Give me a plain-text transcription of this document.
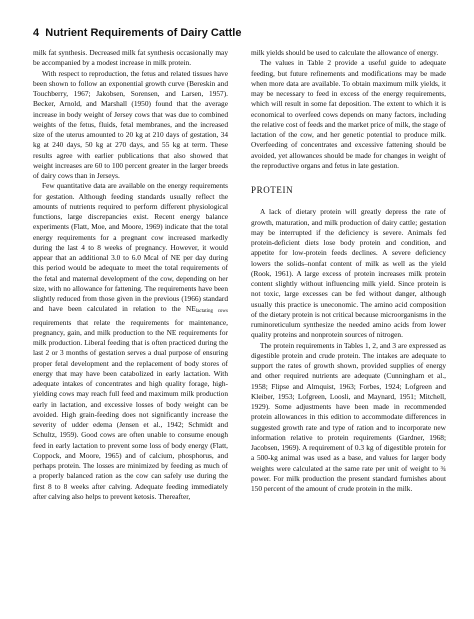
4 Nutrient Requirements of Dairy Cattle

milk fat synthesis. Decreased milk fat synthesis occasionally may be accompanied by a modest increase in milk protein.

With respect to reproduction, the fetus and related tissues have been shown to follow an exponential growth curve (Bereskin and Touchberry, 1967; Jakobsen, Sorensen, and Larsen, 1957). Becker, Arnold, and Marshall (1950) found that the average increase in body weight of Jersey cows that was due to combined weights of the fetus, fluids, fetal membranes, and the increased size of the uterus amounted to 20 kg at 210 days of gestation, 34 kg at 240 days, 50 kg at 270 days, and 55 kg at term. These results agree with earlier publications that also showed that weight increases are 60 to 100 percent greater in the larger breeds of dairy cows than in Jerseys.

Few quantitative data are available on the energy requirements for gestation. Although feeding standards usually reflect the amounts of nutrients required to perform different physiological functions, large discrepancies exist. Recent energy balance experiments (Flatt, Moe, and Moore, 1969) indicate that the total energy requirements for a pregnant cow increased markedly during the last 4 to 8 weeks of pregnancy. However, it would appear that an additional 3.0 to 6.0 Mcal of NE per day during this period would be adequate to meet the total requirements of the fetal and maternal development of the cow, depending on her size, with no allowance for fattening. The requirements have been slightly reduced from those given in the previous (1966) standard and have been calculated in relation to the $NE_{lactating cows}$ requirements that relate the requirements for maintenance, pregnancy, gain, and milk production to the NE requirements for milk production. Liberal feeding that is often practiced during the last 2 or 3 months of gestation serves a dual purpose of ensuring proper fetal development and the replacement of body stores of energy that may have been catabolized in early lactation. With adequate intakes of concentrates and high quality forage, high-yielding cows may reach full feed and maximum milk production early in lactation, and excessive losses of body weight can be avoided. High grain-feeding does not significantly increase the severity of udder edema (Jensen et al., 1942; Schmidt and Schultz, 1959). Good cows are often unable to consume enough feed in early lactation to prevent some loss of body energy (Flatt, Coppock, and Moore, 1965) and of calcium, phosphorus, and perhaps protein. The losses are minimized by feeding as much of a properly balanced ration as the cow can safely use during the first 8 to 8 weeks after calving. Adequate feeding immediately after calving also helps to prevent ketosis. Thereafter,

milk yields should be used to calculate the allowance of energy.

The values in Table 2 provide a useful guide to adequate feeding, but future refinements and modifications may be made when more data are available. To obtain maximum milk yields, it may be necessary to feed in excess of the energy requirements, which will result in some fat deposition. The extent to which it is economical to overfeed cows depends on many factors, including the relative cost of feeds and the market price of milk, the stage of lactation of the cow, and her genetic potential to produce milk. Overfeeding of concentrates and excessive fattening should be avoided, yet allowances should be made for changes in weight of the reproductive organs and fetus in late gestation.

PROTEIN

A lack of dietary protein will greatly depress the rate of growth, maturation, and milk production of dairy cattle; gestation may be interrupted if the deficiency is severe. Animals fed protein-deficient diets lose body protein and condition, and appetite for low-protein feeds declines. A severe deficiency lowers the solids–nonfat content of milk as well as the yield (Rook, 1961). A large excess of protein increases milk protein content slightly without influencing milk yield. Since protein is not toxic, large excesses can be fed without danger, although usually this practice is uneconomic. The amino acid composition of the dietary protein is not critical because microorganisms in the ruminoreticulum synthesize the needed amino acids from lower quality proteins and nonprotein sources of nitrogen.

The protein requirements in Tables 1, 2, and 3 are expressed as digestible protein and crude protein. The intakes are adequate to support the rates of growth shown, provided supplies of energy and other required nutrients are adequate (Cunningham et al., 1958; Flipse and Almquist, 1963; Forbes, 1924; Lofgreen and Kleiber, 1953; Lofgreen, Loosli, and Maynard, 1951; Mitchell, 1929). Some adjustments have been made in recommended protein allowances in this edition to accommodate differences in suggested growth rate and type of ration and to incorporate new information relative to protein requirements (Gardner, 1968; Jacobsen, 1969). A requirement of 0.3 kg of digestible protein for a 500-kg animal was used as a base, and values for larger body weights were calculated at the same rate per unit of weight to ¾ power. For milk production the present standard furnishes about 150 percent of the amount of crude protein in the milk.
